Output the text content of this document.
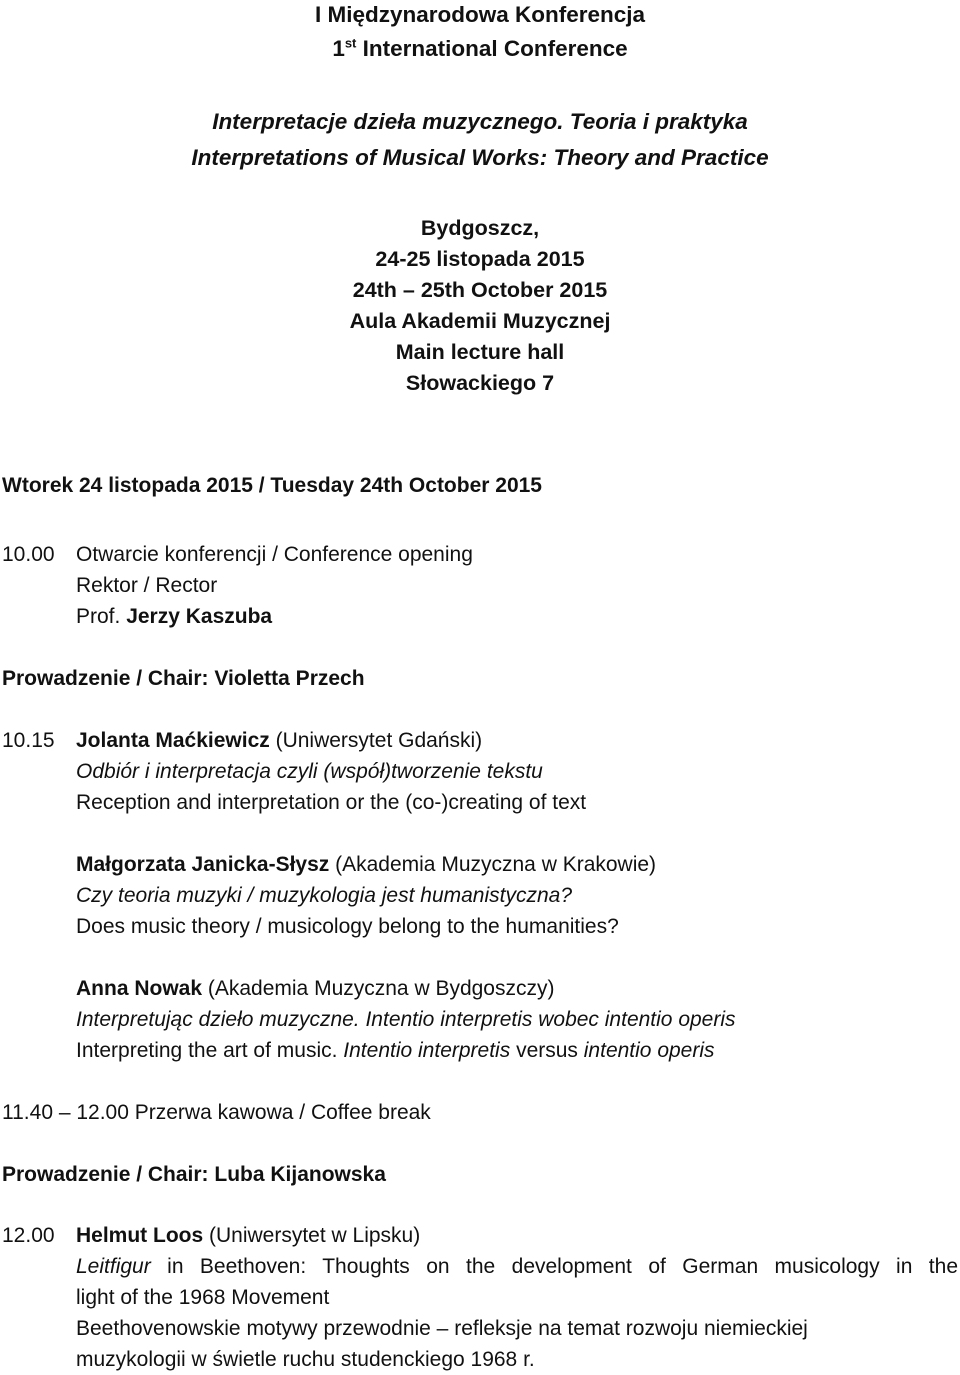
I Międzynarodowa Konferencja
1st International Conference
Interpretacje dzieła muzycznego. Teoria i praktyka
Interpretations of Musical Works: Theory and Practice
Bydgoszcz,
24-25 listopada 2015
24th – 25th October 2015
Aula Akademii Muzycznej
Main lecture hall
Słowackiego 7
Wtorek 24 listopada 2015 / Tuesday 24th October 2015
10.00 Otwarcie konferencji / Conference opening
Rektor / Rector
Prof. Jerzy Kaszuba
Prowadzenie / Chair: Violetta Przech
10.15 Jolanta Maćkiewicz (Uniwersytet Gdański)
Odbiór i interpretacja czyli (współ)tworzenie tekstu
Reception and interpretation or the (co-)creating of text
Małgorzata Janicka-Słysz (Akademia Muzyczna w Krakowie)
Czy teoria muzyki / muzykologia jest humanistyczna?
Does music theory / musicology belong to the humanities?
Anna Nowak (Akademia Muzyczna w Bydgoszczy)
Interpretując dzieło muzyczne. Intentio interpretis wobec intentio operis
Interpreting the art of music. Intentio interpretis versus intentio operis
11.40 – 12.00 Przerwa kawowa / Coffee break
Prowadzenie / Chair: Luba Kijanowska
12.00 Helmut Loos (Uniwersytet w Lipsku)
Leitfigur in Beethoven: Thoughts on the development of German musicology in the
light of the 1968 Movement
Beethovenowskie motywy przewodnie – refleksje na temat rozwoju niemieckiej
muzykologii w świetle ruchu studenckiego 1968 r.
